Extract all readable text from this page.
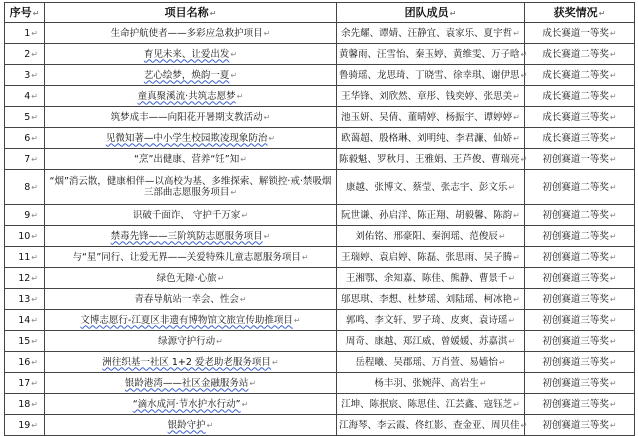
序号↵	项目名称↵	团队成员↵	获奖情况↵
1↵	生命护航使者——多彩应急救护项目↵	余先耀、谭婧、汪静宜、袁家乐、夏宇哲↵	成长赛道一等奖↵
2↵	育见未来、让爱出发↵	黄馨雨、汪雪怡、秦玉婷、黄维雯、万子晗↵	成长赛道二等奖↵
3↵	艺心绘梦，焕韵一夏↵	鲁骑瑶、龙思琦、丁晓雪、徐幸琪、谢伊思↵	成长赛道二等奖↵
4↵	童真聚溪流·共筑志愿梦↵	王华锋、刘欣然、章彤、钱奕婷、张思美↵	成长赛道二等奖↵
5↵	筑梦成丰——向阳花开暑期支教活动↵	池玉妍、吴倩、董晴婷、杨振宇、谭婷婷↵	成长赛道三等奖↵
6↵	见微知著—中小学生校园欺凌现象防治↵	欧蔼超、殷格琳、刘明纯、李君濂、仙娇↵	成长赛道三等奖↵
7↵	“烹”出健康、营养“饪”知↵	陈毅魁、罗秋月、王雅娟、王芦俊、曹瑞亮↵	初创赛道一等奖↵
8↵	“烟”消云散，健康相伴—以高校为基、多维探索、解锁控·戒·禁吸烟三部曲志愿服务项目↵	康越、张博文、蔡莹、张志宇、彭文乐↵	初创赛道二等奖↵
9↵	识破千面诈、 守护千万家↵	阮世谦、孙启洋、陈正翔、胡毅馨、陈韵↵	初创赛道二等奖↵
10↵	禁毒先锋——三阶筑防志愿服务项目↵	刘佑铭、邢豪阳、秦润瑶、范俊辰↵	初创赛道二等奖↵
11↵	与“星”同行、让爱无界——关爱特殊儿童志愿服务项目↵	王瑞婷、袁启婷、陈磊、张思雨、吴子腾↵	初创赛道二等奖↵
12↵	绿色无障·心旅↵	王湘鄂、余知嘉、陈佳、熊静、曹景千↵	初创赛道三等奖↵
13↵	青春导航站一幸会、性会↵	邬思琪、李想、杜梦瑶、刘陆瑶、柯冰艳↵	初创赛道三等奖↵
14↵	文博志愿行-江夏区非遗有博物馆文旅宣传助推项目↵	郭鸣、李文轩、罗子琦、皮爽、袁诗瑶↵	初创赛道三等奖↵
15↵	绿源守护行动↵	周奇、康越、郑江威、曾媛媛、苏嘉淇↵	初创赛道三等奖↵
16↵	洲往织基一社区 1+2 爱老助老服务项目↵	岳程曦、吴郡瑶、万肖萱、易嫱怡↵	初创赛道三等奖↵
17↵	银龄港湾——社区金融服务站↵	杨丰羽、张婉萍、高岩生↵	初创赛道三等奖↵
18↵	“滴水成河·节水护水行动”↵	江坤、陈抿宸、陈思佳、江芸鑫、寇钰芝↵	初创赛道三等奖↵
19↵	银龄守护↵	江海琴、李云霞、佟红影、查金亚、周贝佳↵	初创赛道三等奖↵
